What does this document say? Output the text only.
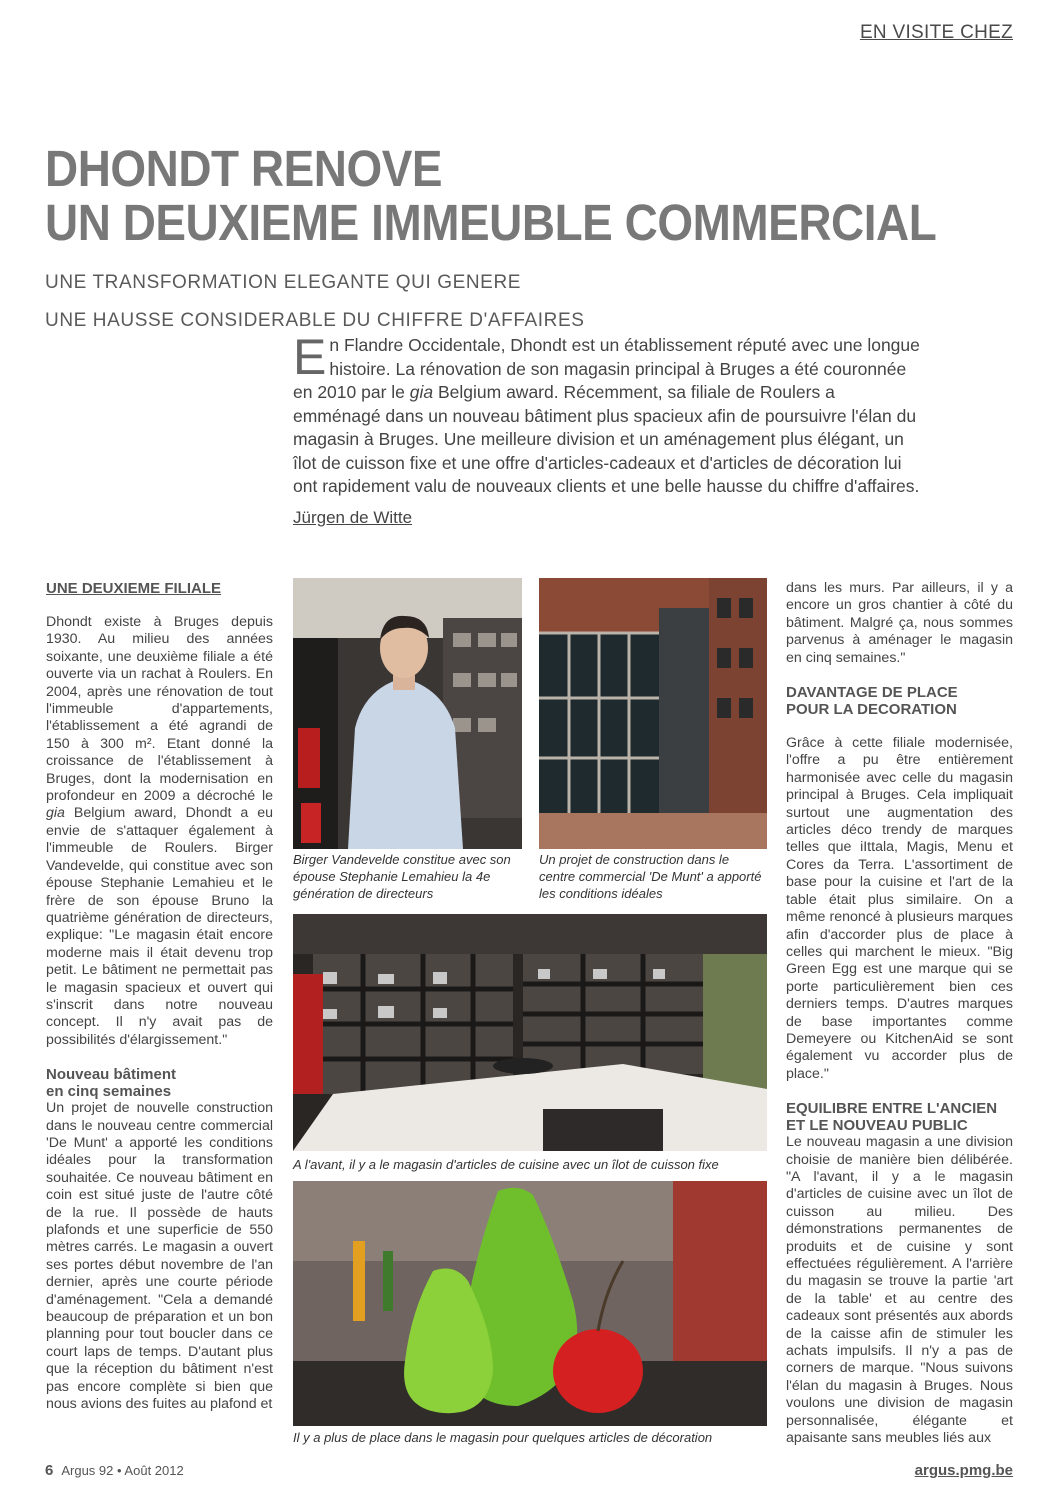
EN VISITE CHEZ
DHONDT RENOVE
UN DEUXIEME IMMEUBLE COMMERCIAL
UNE TRANSFORMATION ELEGANTE QUI GENERE
UNE HAUSSE CONSIDERABLE DU CHIFFRE D'AFFAIRES
En Flandre Occidentale, Dhondt est un établissement réputé avec une longue histoire. La rénovation de son magasin principal à Bruges a été couronnée en 2010 par le gia Belgium award. Récemment, sa filiale de Roulers a emménagé dans un nouveau bâtiment plus spacieux afin de poursuivre l'élan du magasin à Bruges. Une meilleure division et un aménagement plus élégant, un îlot de cuisson fixe et une offre d'articles-cadeaux et d'articles de décoration lui ont rapidement valu de nouveaux clients et une belle hausse du chiffre d'affaires.
Jürgen de Witte
UNE DEUXIEME FILIALE

Dhondt existe à Bruges depuis 1930. Au milieu des années soixante, une deuxième filiale a été ouverte via un rachat à Roulers. En 2004, après une rénovation de tout l'immeuble d'appartements, l'établissement a été agrandi de 150 à 300 m². Etant donné la croissance de l'établissement à Bruges, dont la modernisation en profondeur en 2009 a décroché le gia Belgium award, Dhondt a eu envie de s'attaquer également à l'immeuble de Roulers. Birger Vandevelde, qui constitue avec son épouse Stephanie Lemahieu et le frère de son épouse Bruno la quatrième génération de directeurs, explique: "Le magasin était encore moderne mais il était devenu trop petit. Le bâtiment ne permettait pas le magasin spacieux et ouvert qui s'inscrit dans notre nouveau concept. Il n'y avait pas de possibilités d'élargissement."

Nouveau bâtiment
en cinq semaines

Un projet de nouvelle construction dans le nouveau centre commercial 'De Munt' a apporté les conditions idéales pour la transformation souhaitée. Ce nouveau bâtiment en coin est situé juste de l'autre côté de la rue. Il possède de hauts plafonds et une superficie de 550 mètres carrés. Le magasin a ouvert ses portes début novembre de l'an dernier, après une courte période d'aménagement. "Cela a demandé beaucoup de préparation et un bon planning pour tout boucler dans ce court laps de temps. D'autant plus que la réception du bâtiment n'est pas encore complète si bien que nous avions des fuites au plafond et

Birger Vandevelde constitue avec son épouse Stephanie Lemahieu la 4e génération de directeurs
Un projet de construction dans le centre commercial 'De Munt' a apporté les conditions idéales
A l'avant, il y a le magasin d'articles de cuisine avec un îlot de cuisson fixe
Il y a plus de place dans le magasin pour quelques articles de décoration

dans les murs. Par ailleurs, il y a encore un gros chantier à côté du bâtiment. Malgré ça, nous sommes parvenus à aménager le magasin en cinq semaines."

DAVANTAGE DE PLACE
POUR LA DECORATION

Grâce à cette filiale modernisée, l'offre a pu être entièrement harmonisée avec celle du magasin principal à Bruges. Cela impliquait surtout une augmentation des articles déco trendy de marques telles que iIttala, Magis, Menu et Cores da Terra. L'assortiment de base pour la cuisine et l'art de la table était plus similaire. On a même renoncé à plusieurs marques afin d'accorder plus de place à celles qui marchent le mieux. "Big Green Egg est une marque qui se porte particulièrement bien ces derniers temps. D'autres marques de base importantes comme Demeyere ou KitchenAid se sont également vu accorder plus de place."

EQUILIBRE ENTRE L'ANCIEN
ET LE NOUVEAU PUBLIC

Le nouveau magasin a une division choisie de manière bien délibérée. "A l'avant, il y a le magasin d'articles de cuisine avec un îlot de cuisson au milieu. Des démonstrations permanentes de produits et de cuisine y sont effectuées régulièrement. A l'arrière du magasin se trouve la partie 'art de la table' et au centre des cadeaux sont présentés aux abords de la caisse afin de stimuler les achats impulsifs. Il n'y a pas de corners de marque. "Nous suivons l'élan du magasin à Bruges. Nous voulons une division de magasin personnalisée, élégante et apaisante sans meubles liés aux

6 Argus 92 • Août 2012	argus.pmg.be
